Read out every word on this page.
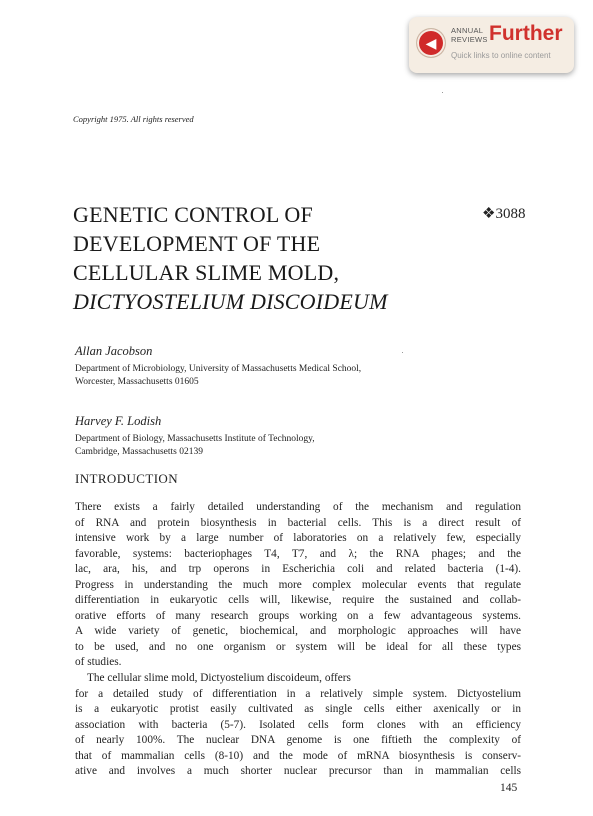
◀
ANNUAL
REVIEWS Further
Quick links to online content
Copyright 1975. All rights reserved
GENETIC CONTROL OF
DEVELOPMENT OF THE
CELLULAR SLIME MOLD,
DICTYOSTELIUM DISCOIDEUM
❖3088
Allan Jacobson
Department of Microbiology, University of Massachusetts Medical School,
Worcester, Massachusetts 01605
Harvey F. Lodish
Department of Biology, Massachusetts Institute of Technology,
Cambridge, Massachusetts 02139
INTRODUCTION
There exists a fairly detailed understanding of the mechanism and regulation
of RNA and protein biosynthesis in bacterial cells. This is a direct result of
intensive work by a large number of laboratories on a relatively few, especially
favorable, systems: bacteriophages T4, T7, and λ; the RNA phages; and the
lac, ara, his, and trp operons in Escherichia coli and related bacteria (1-4).
Progress in understanding the much more complex molecular events that regulate
differentiation in eukaryotic cells will, likewise, require the sustained and collab-
orative efforts of many research groups working on a few advantageous systems.
A wide variety of genetic, biochemical, and morphologic approaches will have
to be used, and no one organism or system will be ideal for all these types
of studies.
The cellular slime mold, Dictyostelium discoideum, offers
for a detailed study of differentiation in a relatively simple system. Dictyostelium
is a eukaryotic protist easily cultivated as single cells either axenically or in
association with bacteria (5-7). Isolated cells form clones with an efficiency
of nearly 100%. The nuclear DNA genome is one fiftieth the complexity of
that of mammalian cells (8-10) and the mode of mRNA biosynthesis is conserv-
ative and involves a much shorter nuclear precursor than in mammalian cells
145
